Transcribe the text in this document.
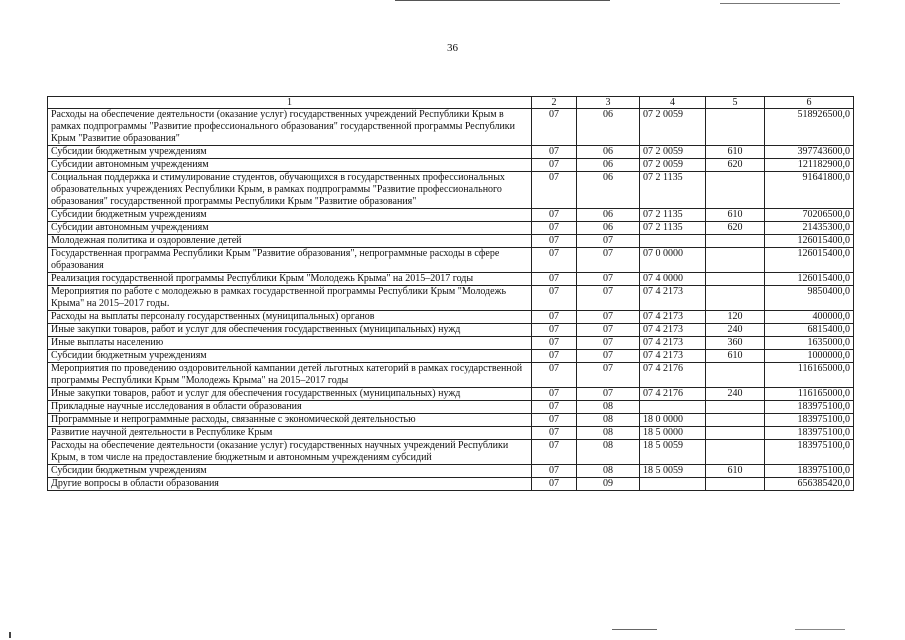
36
1	2	3	4	5	6
Расходы на обеспечение деятельности (оказание услуг) государственных учреждений Республики Крым в рамках подпрограммы "Развитие профессионального образования" государственной программы Республики Крым "Развитие образования"	07	06	07 2 0059		518926500,0
Субсидии бюджетным учреждениям	07	06	07 2 0059	610	397743600,0
Субсидии автономным учреждениям	07	06	07 2 0059	620	121182900,0
Социальная поддержка и стимулирование студентов, обучающихся в государственных профессиональных образовательных учреждениях Республики Крым, в рамках подпрограммы "Развитие профессионального образования" государственной программы Республики Крым "Развитие образования"	07	06	07 2 1135		91641800,0
Субсидии бюджетным учреждениям	07	06	07 2 1135	610	70206500,0
Субсидии автономным учреждениям	07	06	07 2 1135	620	21435300,0
Молодежная политика и оздоровление детей	07	07			126015400,0
Государственная программа Республики Крым "Развитие образования", непрограммные расходы в сфере образования	07	07	07 0 0000		126015400,0
Реализация государственной программы Республики Крым "Молодежь Крыма" на 2015–2017 годы	07	07	07 4 0000		126015400,0
Мероприятия по работе с молодежью в рамках государственной программы Республики Крым "Молодежь Крыма" на 2015–2017 годы.	07	07	07 4 2173		9850400,0
Расходы на выплаты персоналу государственных (муниципальных) органов	07	07	07 4 2173	120	400000,0
Иные закупки товаров, работ и услуг для обеспечения государственных (муниципальных) нужд	07	07	07 4 2173	240	6815400,0
Иные выплаты населению	07	07	07 4 2173	360	1635000,0
Субсидии бюджетным учреждениям	07	07	07 4 2173	610	1000000,0
Мероприятия по проведению оздоровительной кампании детей льготных категорий в рамках государственной программы Республики Крым "Молодежь Крыма" на 2015–2017 годы	07	07	07 4 2176		116165000,0
Иные закупки товаров, работ и услуг для обеспечения государственных (муниципальных) нужд	07	07	07 4 2176	240	116165000,0
Прикладные научные исследования в области образования	07	08			183975100,0
Программные и непрограммные расходы, связанные с экономической деятельностью	07	08	18 0 0000		183975100,0
Развитие научной деятельности в Республике Крым	07	08	18 5 0000		183975100,0
Расходы на обеспечение деятельности (оказание услуг) государственных научных учреждений Республики Крым, в том числе на предоставление бюджетным и автономным учреждениям субсидий	07	08	18 5 0059		183975100,0
Субсидии бюджетным учреждениям	07	08	18 5 0059	610	183975100,0
Другие вопросы в области образования	07	09			656385420,0
